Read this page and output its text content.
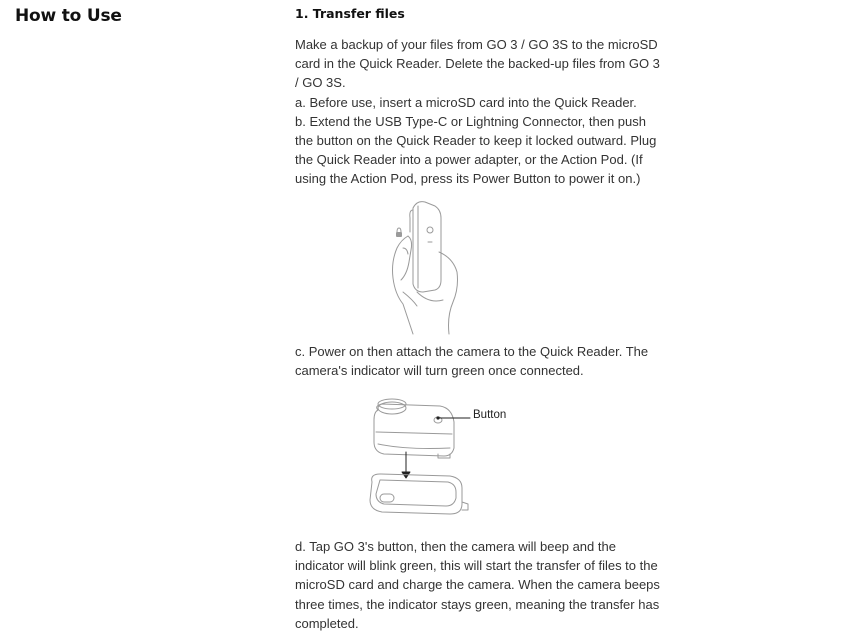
How to Use	1. Transfer files
Make a backup of your files from GO 3 / GO 3S to the microSD card in the Quick Reader. Delete the backed-up files from GO 3 / GO 3S.
a. Before use, insert a microSD card into the Quick Reader.
b. Extend the USB Type-C or Lightning Connector, then push the button on the Quick Reader to keep it locked outward. Plug the Quick Reader into a power adapter, or the Action Pod. (If using the Action Pod, press its Power Button to power it on.)
c. Power on then attach the camera to the Quick Reader. The camera's indicator will turn green once connected.
d. Tap GO 3's button, then the camera will beep and the indicator will blink green, this will start the transfer of files to the microSD card and charge the camera. When the camera beeps three times, the indicator stays green, meaning the transfer has completed.
Button
